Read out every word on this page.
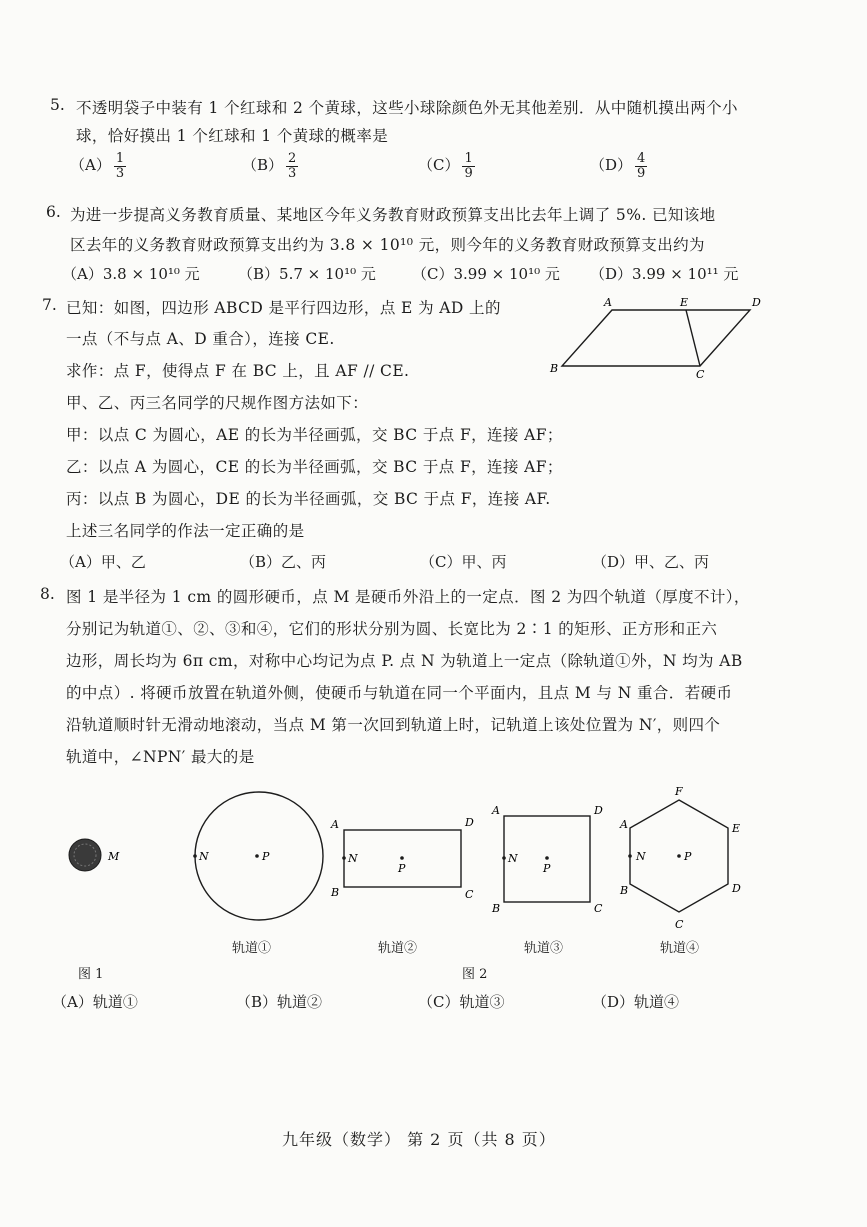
5. 不透明袋子中装有 1 个红球和 2 个黄球，这些小球除颜色外无其他差别．从中随机摸出两个小
球，恰好摸出 1 个红球和 1 个黄球的概率是
$(A) \frac{1}{3}$	$(B) \frac{2}{3}$	$(C) \frac{1}{9}$	$(D) \frac{4}{9}$
6. 为进一步提高义务教育质量、某地区今年义务教育财政预算支出比去年上调了 5%. 已知该地
区去年的义务教育财政预算支出约为 3.8 × 10¹⁰ 元，则今年的义务教育财政预算支出约为
（A）3.8 × 10¹⁰ 元	（B）5.7 × 10¹⁰ 元 （C）3.99 × 10¹⁰ 元 （D）3.99 × 10¹¹ 元
7. 已知：如图，四边形 ABCD 是平行四边形，点 E 为 AD 上的
一点（不与点 A、D 重合），连接 CE.
求作：点 F，使得点 F 在 BC 上，且 AF // CE.
甲、乙、丙三名同学的尺规作图方法如下：
甲：以点 C 为圆心，AE 的长为半径画弧，交 BC 于点 F，连接 AF；
乙：以点 A 为圆心，CE 的长为半径画弧，交 BC 于点 F，连接 AF；
丙：以点 B 为圆心，DE 的长为半径画弧，交 BC 于点 F，连接 AF.
上述三名同学的作法一定正确的是
（A）甲、乙	（B）乙、丙	（C）甲、丙	（D）甲、乙、丙
A	E	D
B	C
8. 图 1 是半径为 1 cm 的圆形硬币，点 M 是硬币外沿上的一定点．图 2 为四个轨道（厚度不计），
分别记为轨道①、②、③和④，它们的形状分别为圆、长宽比为 2∶1 的矩形、正方形和正六
边形，周长均为 6π cm，对称中心均记为点 P. 点 N 为轨道上一定点（除轨道①外，N 均为 AB
的中点）. 将硬币放置在轨道外侧，使硬币与轨道在同一个平面内，且点 M 与 N 重合．若硬币
沿轨道顺时针无滑动地滚动，当点 M 第一次回到轨道上时，记轨道上该处位置为 N′，则四个
轨道中，∠NPN′ 最大的是
M	N	P
A	D
N
P
B	C
A	D
N
P
B	C
F
A	E
N	P
B	D
C
轨道①	轨道②	轨道③	轨道④
图 1	图 2
（A）轨道①	（B）轨道②	（C）轨道③	（D）轨道④
九年级（数学） 第 2 页（共 8 页）
